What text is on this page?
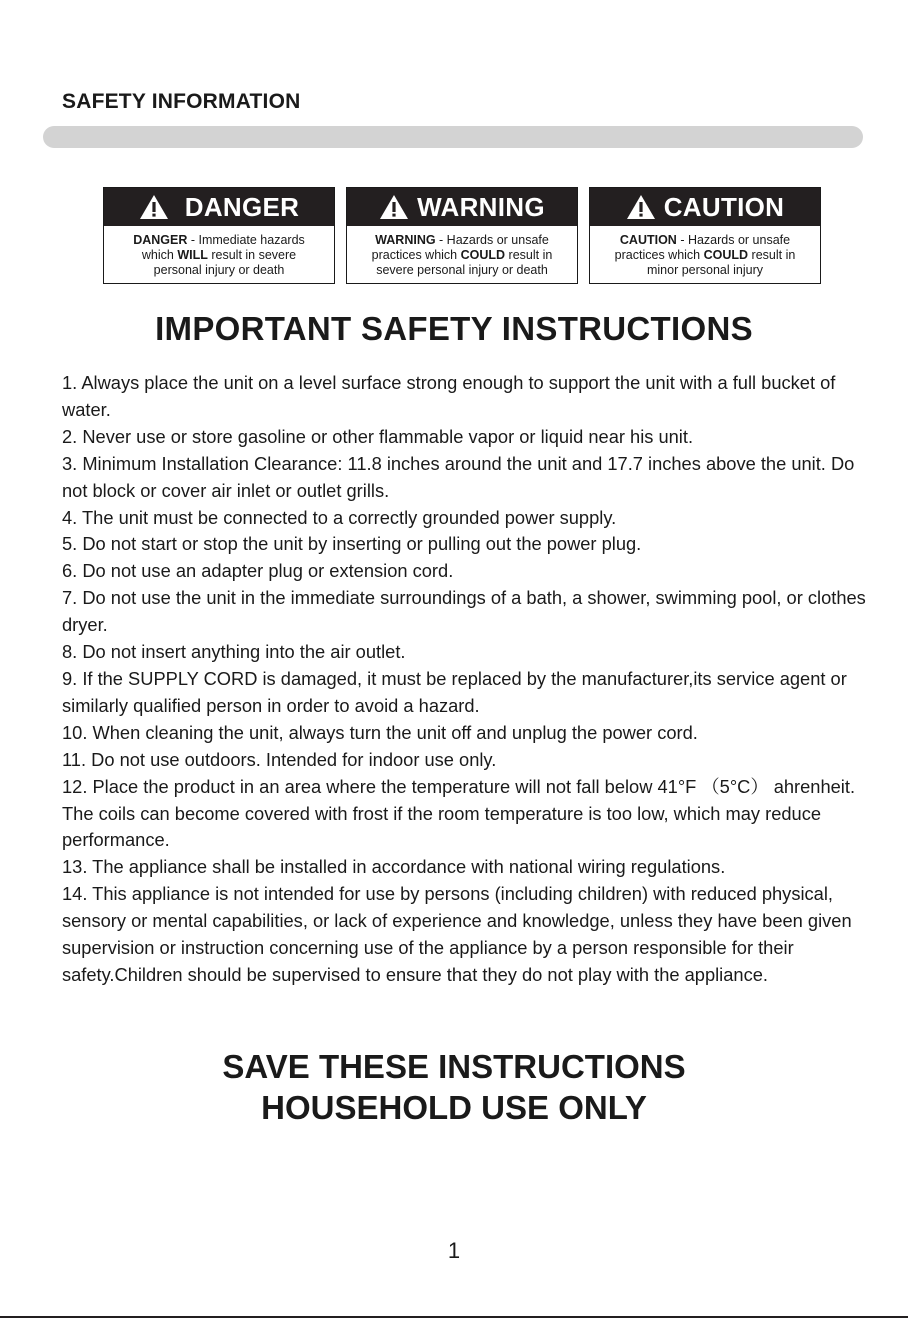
SAFETY INFORMATION
DANGER
DANGER - Immediate hazards
which WILL result in severe
personal injury or death
WARNING
WARNING - Hazards or unsafe
practices which COULD result in
severe personal injury or death
CAUTION
CAUTION - Hazards or unsafe
practices which COULD result in
minor personal injury
IMPORTANT SAFETY INSTRUCTIONS

1. Always place the unit on a level surface strong enough to support the unit with a full bucket of water.

2. Never use or store gasoline or other flammable vapor or liquid near his unit.

3. Minimum Installation Clearance: 11.8 inches around the unit and 17.7 inches above the unit. Do not block or cover air inlet or outlet grills.

4. The unit must be connected to a correctly grounded power supply.

5. Do not start or stop the unit by inserting or pulling out the power plug.

6. Do not use an adapter plug or extension cord.

7. Do not use the unit in the immediate surroundings of a bath, a shower, swimming pool, or clothes dryer.

8. Do not insert anything into the air outlet.

9. If the SUPPLY CORD is damaged, it must be replaced by the manufacturer,its service agent or similarly qualified person in order to avoid a hazard.

10. When cleaning the unit, always turn the unit off and unplug the power cord.

11. Do not use outdoors. Intended for indoor use only.

12. Place the product in an area where the temperature will not fall below 41°F （5°C） ahrenheit. The coils can become covered with frost if the room temperature is too low, which may reduce performance.

13. The appliance shall be installed in accordance with national wiring regulations.

14. This appliance is not intended for use by persons (including children) with reduced physical, sensory or mental capabilities, or lack of experience and knowledge, unless they have been given supervision or instruction concerning use of the appliance by a person responsible for their safety.Children should be supervised to ensure that they do not play with the appliance.

SAVE THESE INSTRUCTIONS
HOUSEHOLD USE ONLY
1
